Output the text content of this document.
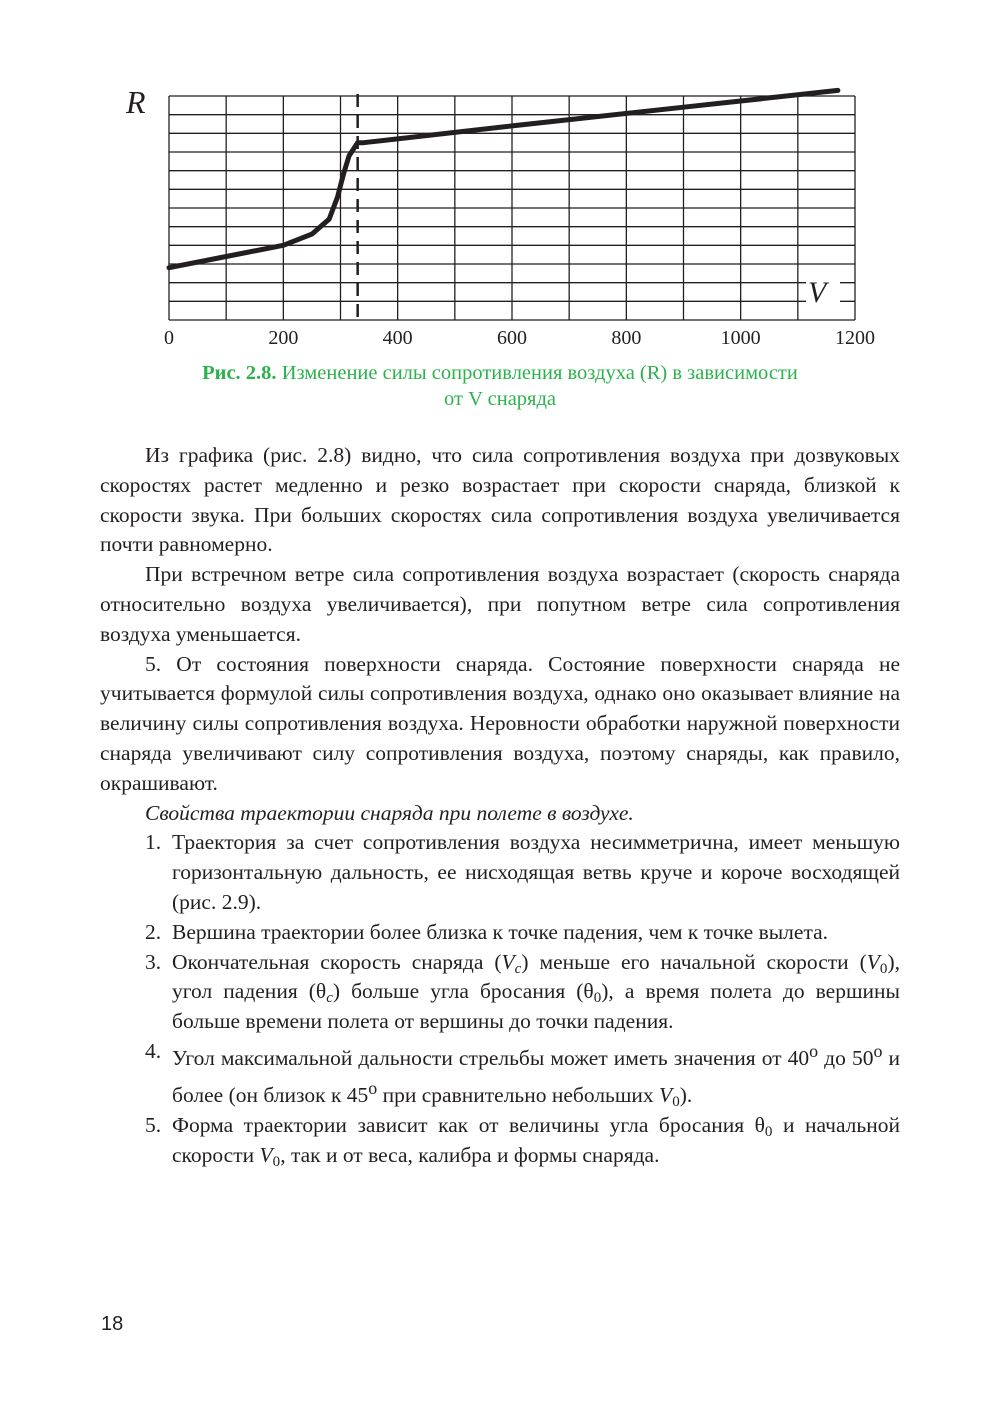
0	200	400	600	800	1000	1200
R
V
Рис. 2.8. Изменение силы сопротивления воздуха (R) в зависимости
от V снаряда

Из графика (рис. 2.8) видно, что сила сопротивления воздуха при дозвуковых скоростях растет медленно и резко возрастает при скорости снаряда, близкой к скорости звука. При больших скоростях сила сопротивления воздуха увеличивается почти равномерно.

При встречном ветре сила сопротивления воздуха возрастает (скорость снаряда относительно воздуха увеличивается), при попутном ветре сила сопротивления воздуха уменьшается.

5. От состояния поверхности снаряда. Состояние поверхности снаряда не учитывается формулой силы сопротивления воздуха, однако оно оказывает влияние на величину силы сопротивления воздуха. Неровности обработки наружной поверхности снаряда увеличивают силу сопротивления воздуха, поэтому снаряды, как правило, окрашивают.

Свойства траектории снаряда при полете в воздухе.

1. Траектория за счет сопротивления воздуха несимметрична, имеет меньшую горизонтальную дальность, ее нисходящая ветвь круче и короче восходящей (рис. 2.9).
2. Вершина траектории более близка к точке падения, чем к точке вылета.
3. Окончательная скорость снаряда $(V_c)$ меньше его начальной скорости $(V_0)$, угол падения $(\theta_c)$ больше угла бросания $(\theta_0)$, а время полета до вершины больше времени полета от вершины до точки падения.
4. Угол максимальной дальности стрельбы может иметь значения от 40$^o$ до 50$^o$ и более (он близок к 45$^o$ при сравнительно небольших $V_0$).
5. Форма траектории зависит как от величины угла бросания $\theta_0$ и начальной скорости $V_0$, так и от веса, калибра и формы снаряда.
18
